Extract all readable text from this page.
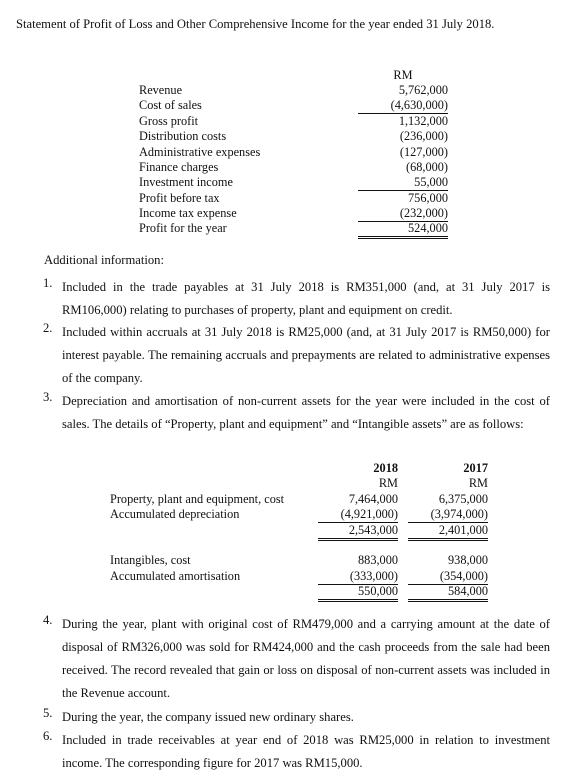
Statement of Profit of Loss and Other Comprehensive Income for the year ended 31 July 2018.
RM
Revenue	5,762,000
Cost of sales	(4,630,000)
Gross profit	1,132,000
Distribution costs	(236,000)
Administrative expenses	(127,000)
Finance charges	(68,000)
Investment income	55,000
Profit before tax	756,000
Income tax expense	(232,000)
Profit for the year	524,000
Additional information:
1. Included in the trade payables at 31 July 2018 is RM351,000 (and, at 31 July 2017 is RM106,000) relating to purchases of property, plant and equipment on credit.
2. Included within accruals at 31 July 2018 is RM25,000 (and, at 31 July 2017 is RM50,000) for interest payable. The remaining accruals and prepayments are related to administrative expenses of the company.
3. Depreciation and amortisation of non-current assets for the year were included in the cost of sales. The details of “Property, plant and equipment” and “Intangible assets” are as follows:
2018	2017
RM	RM
Property, plant and equipment, cost	7,464,000	6,375,000
Accumulated depreciation	(4,921,000)	(3,974,000)
2,543,000	2,401,000
Intangibles, cost	883,000	938,000
Accumulated amortisation	(333,000)	(354,000)
550,000	584,000
4. During the year, plant with original cost of RM479,000 and a carrying amount at the date of disposal of RM326,000 was sold for RM424,000 and the cash proceeds from the sale had been received. The record revealed that gain or loss on disposal of non-current assets was included in the Revenue account.
5. During the year, the company issued new ordinary shares.
6. Included in trade receivables at year end of 2018 was RM25,000 in relation to investment income. The corresponding figure for 2017 was RM15,000.
